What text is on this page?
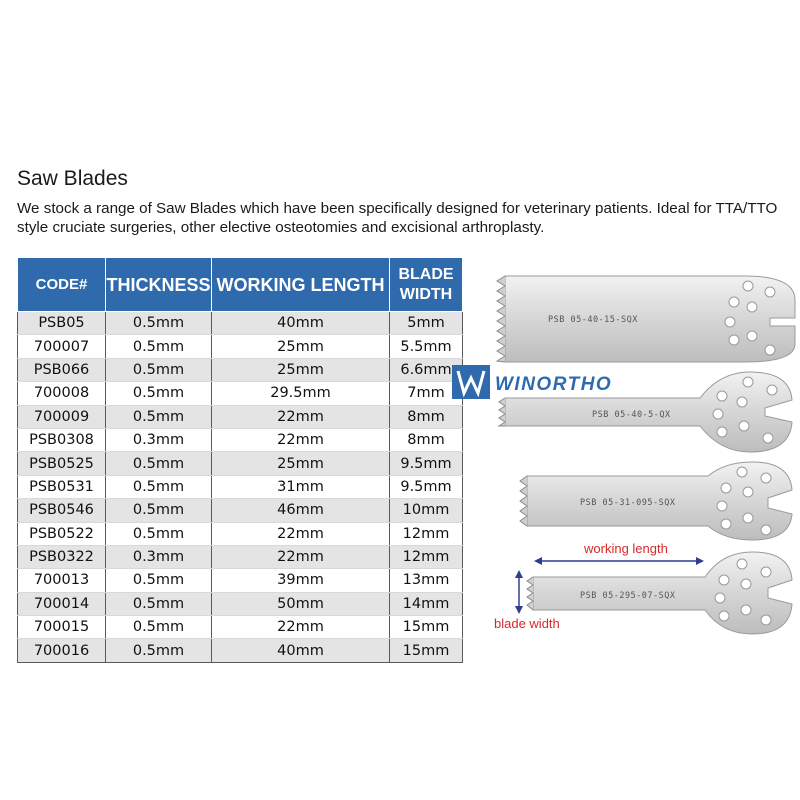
Saw Blades

We stock a range of Saw Blades which have been specifically designed for veterinary patients. Ideal for TTA/TTO style cruciate surgeries, other elective osteotomies and excisional arthroplasty.

CODE#	THICKNESS	WORKING LENGTH	BLADE
WIDTH
PSB05	0.5mm	40mm	5mm
700007	0.5mm	25mm	5.5mm
PSB066	0.5mm	25mm	6.6mm
700008	0.5mm	29.5mm	7mm
700009	0.5mm	22mm	8mm
PSB0308	0.3mm	22mm	8mm
PSB0525	0.5mm	25mm	9.5mm
PSB0531	0.5mm	31mm	9.5mm
PSB0546	0.5mm	46mm	10mm
PSB0522	0.5mm	22mm	12mm
PSB0322	0.3mm	22mm	12mm
700013	0.5mm	39mm	13mm
700014	0.5mm	50mm	14mm
700015	0.5mm	22mm	15mm
700016	0.5mm	40mm	15mm
PSB 05-40-15-SQX
WINORTHO
PSB 05-40-5-QX
PSB 05-31-095-SQX
working length
PSB 05-295-07-SQX
blade width
